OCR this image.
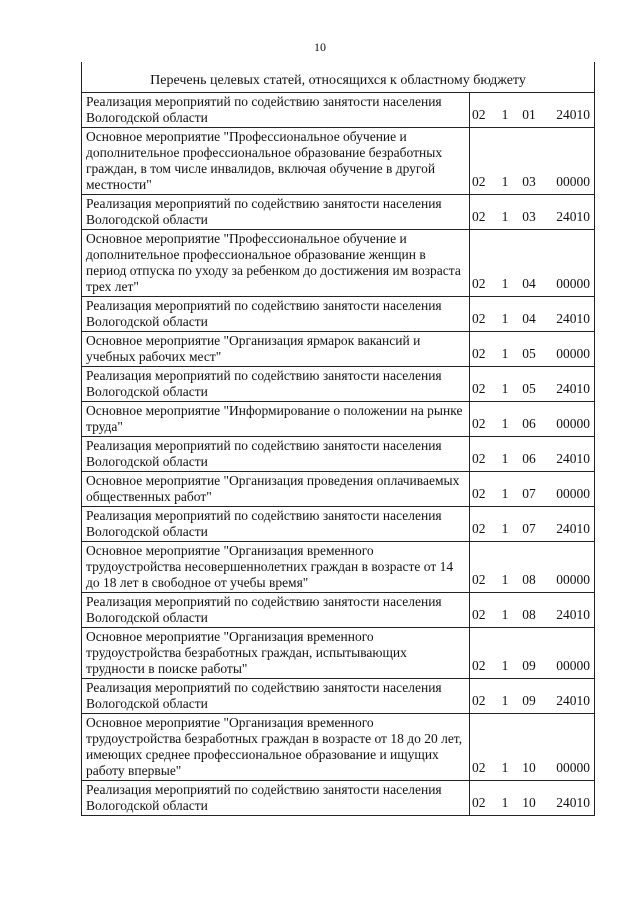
10
Перечень целевых статей, относящихся к областному бюджету
Реализация мероприятий по содействию занятости населения Вологодской области	02	1	01	24010
Основное мероприятие "Профессиональное обучение и дополнительное профессиональное образование безработных граждан, в том числе инвалидов, включая обучение в другой местности"	02	1	03	00000
Реализация мероприятий по содействию занятости населения Вологодской области	02	1	03	24010
Основное мероприятие "Профессиональное обучение и дополнительное профессиональное образование женщин в период отпуска по уходу за ребенком до достижения им возраста трех лет"	02	1	04	00000
Реализация мероприятий по содействию занятости населения Вологодской области	02	1	04	24010
Основное мероприятие "Организация ярмарок вакансий и учебных рабочих мест"	02	1	05	00000
Реализация мероприятий по содействию занятости населения Вологодской области	02	1	05	24010
Основное мероприятие "Информирование о положении на рынке труда"	02	1	06	00000
Реализация мероприятий по содействию занятости населения Вологодской области	02	1	06	24010
Основное мероприятие "Организация проведения оплачиваемых общественных работ"	02	1	07	00000
Реализация мероприятий по содействию занятости населения Вологодской области	02	1	07	24010
Основное мероприятие "Организация временного трудоустройства несовершеннолетних граждан в возрасте от 14 до 18 лет в свободное от учебы время"	02	1	08	00000
Реализация мероприятий по содействию занятости населения Вологодской области	02	1	08	24010
Основное мероприятие "Организация временного трудоустройства безработных граждан, испытывающих трудности в поиске работы"	02	1	09	00000
Реализация мероприятий по содействию занятости населения Вологодской области	02	1	09	24010
Основное мероприятие "Организация временного трудоустройства безработных граждан в возрасте от 18 до 20 лет, имеющих среднее профессиональное образование и ищущих работу впервые"	02	1	10	00000
Реализация мероприятий по содействию занятости населения Вологодской области	02	1	10	24010
